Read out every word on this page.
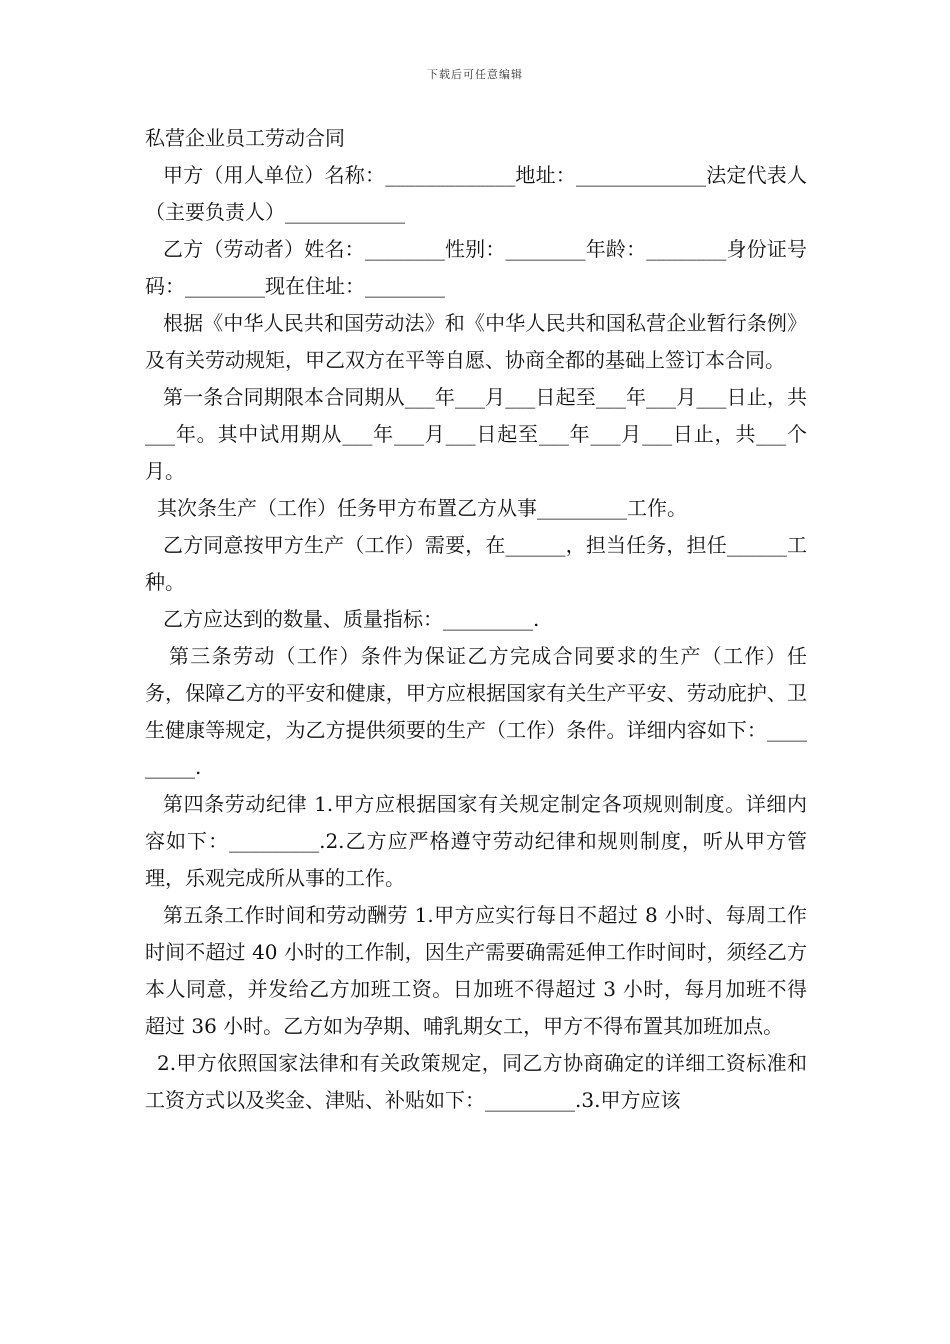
下载后可任意编辑

私营企业员工劳动合同

甲方（用人单位）名称：_____________地址：_____________法定代表人（主要负责人）____________

乙方（劳动者）姓名：________性别：________年龄：________身份证号码：________现在住址：________

根据《中华人民共和国劳动法》和《中华人民共和国私营企业暂行条例》及有关劳动规矩，甲乙双方在平等自愿、协商全都的基础上签订本合同。

第一条合同期限本合同期从___年___月___日起至___年___月___日止，共___年。其中试用期从___年___月___日起至___年___月___日止，共___个月。

其次条生产（工作）任务甲方布置乙方从事_________工作。

乙方同意按甲方生产（工作）需要，在______，担当任务，担任______工种。

乙方应达到的数量、质量指标：_________.

第三条劳动（工作）条件为保证乙方完成合同要求的生产（工作）任务，保障乙方的平安和健康，甲方应根据国家有关生产平安、劳动庇护、卫生健康等规定，为乙方提供须要的生产（工作）条件。详细内容如下：_________.

第四条劳动纪律 1.甲方应根据国家有关规定制定各项规则制度。详细内容如下：_________.2.乙方应严格遵守劳动纪律和规则制度，听从甲方管理，乐观完成所从事的工作。

第五条工作时间和劳动酬劳 1.甲方应实行每日不超过 8 小时、每周工作时间不超过 40 小时的工作制，因生产需要确需延伸工作时间时，须经乙方本人同意，并发给乙方加班工资。日加班不得超过 3 小时，每月加班不得超过 36 小时。乙方如为孕期、哺乳期女工，甲方不得布置其加班加点。

2.甲方依照国家法律和有关政策规定，同乙方协商确定的详细工资标准和工资方式以及奖金、津贴、补贴如下：_________.3.甲方应该
